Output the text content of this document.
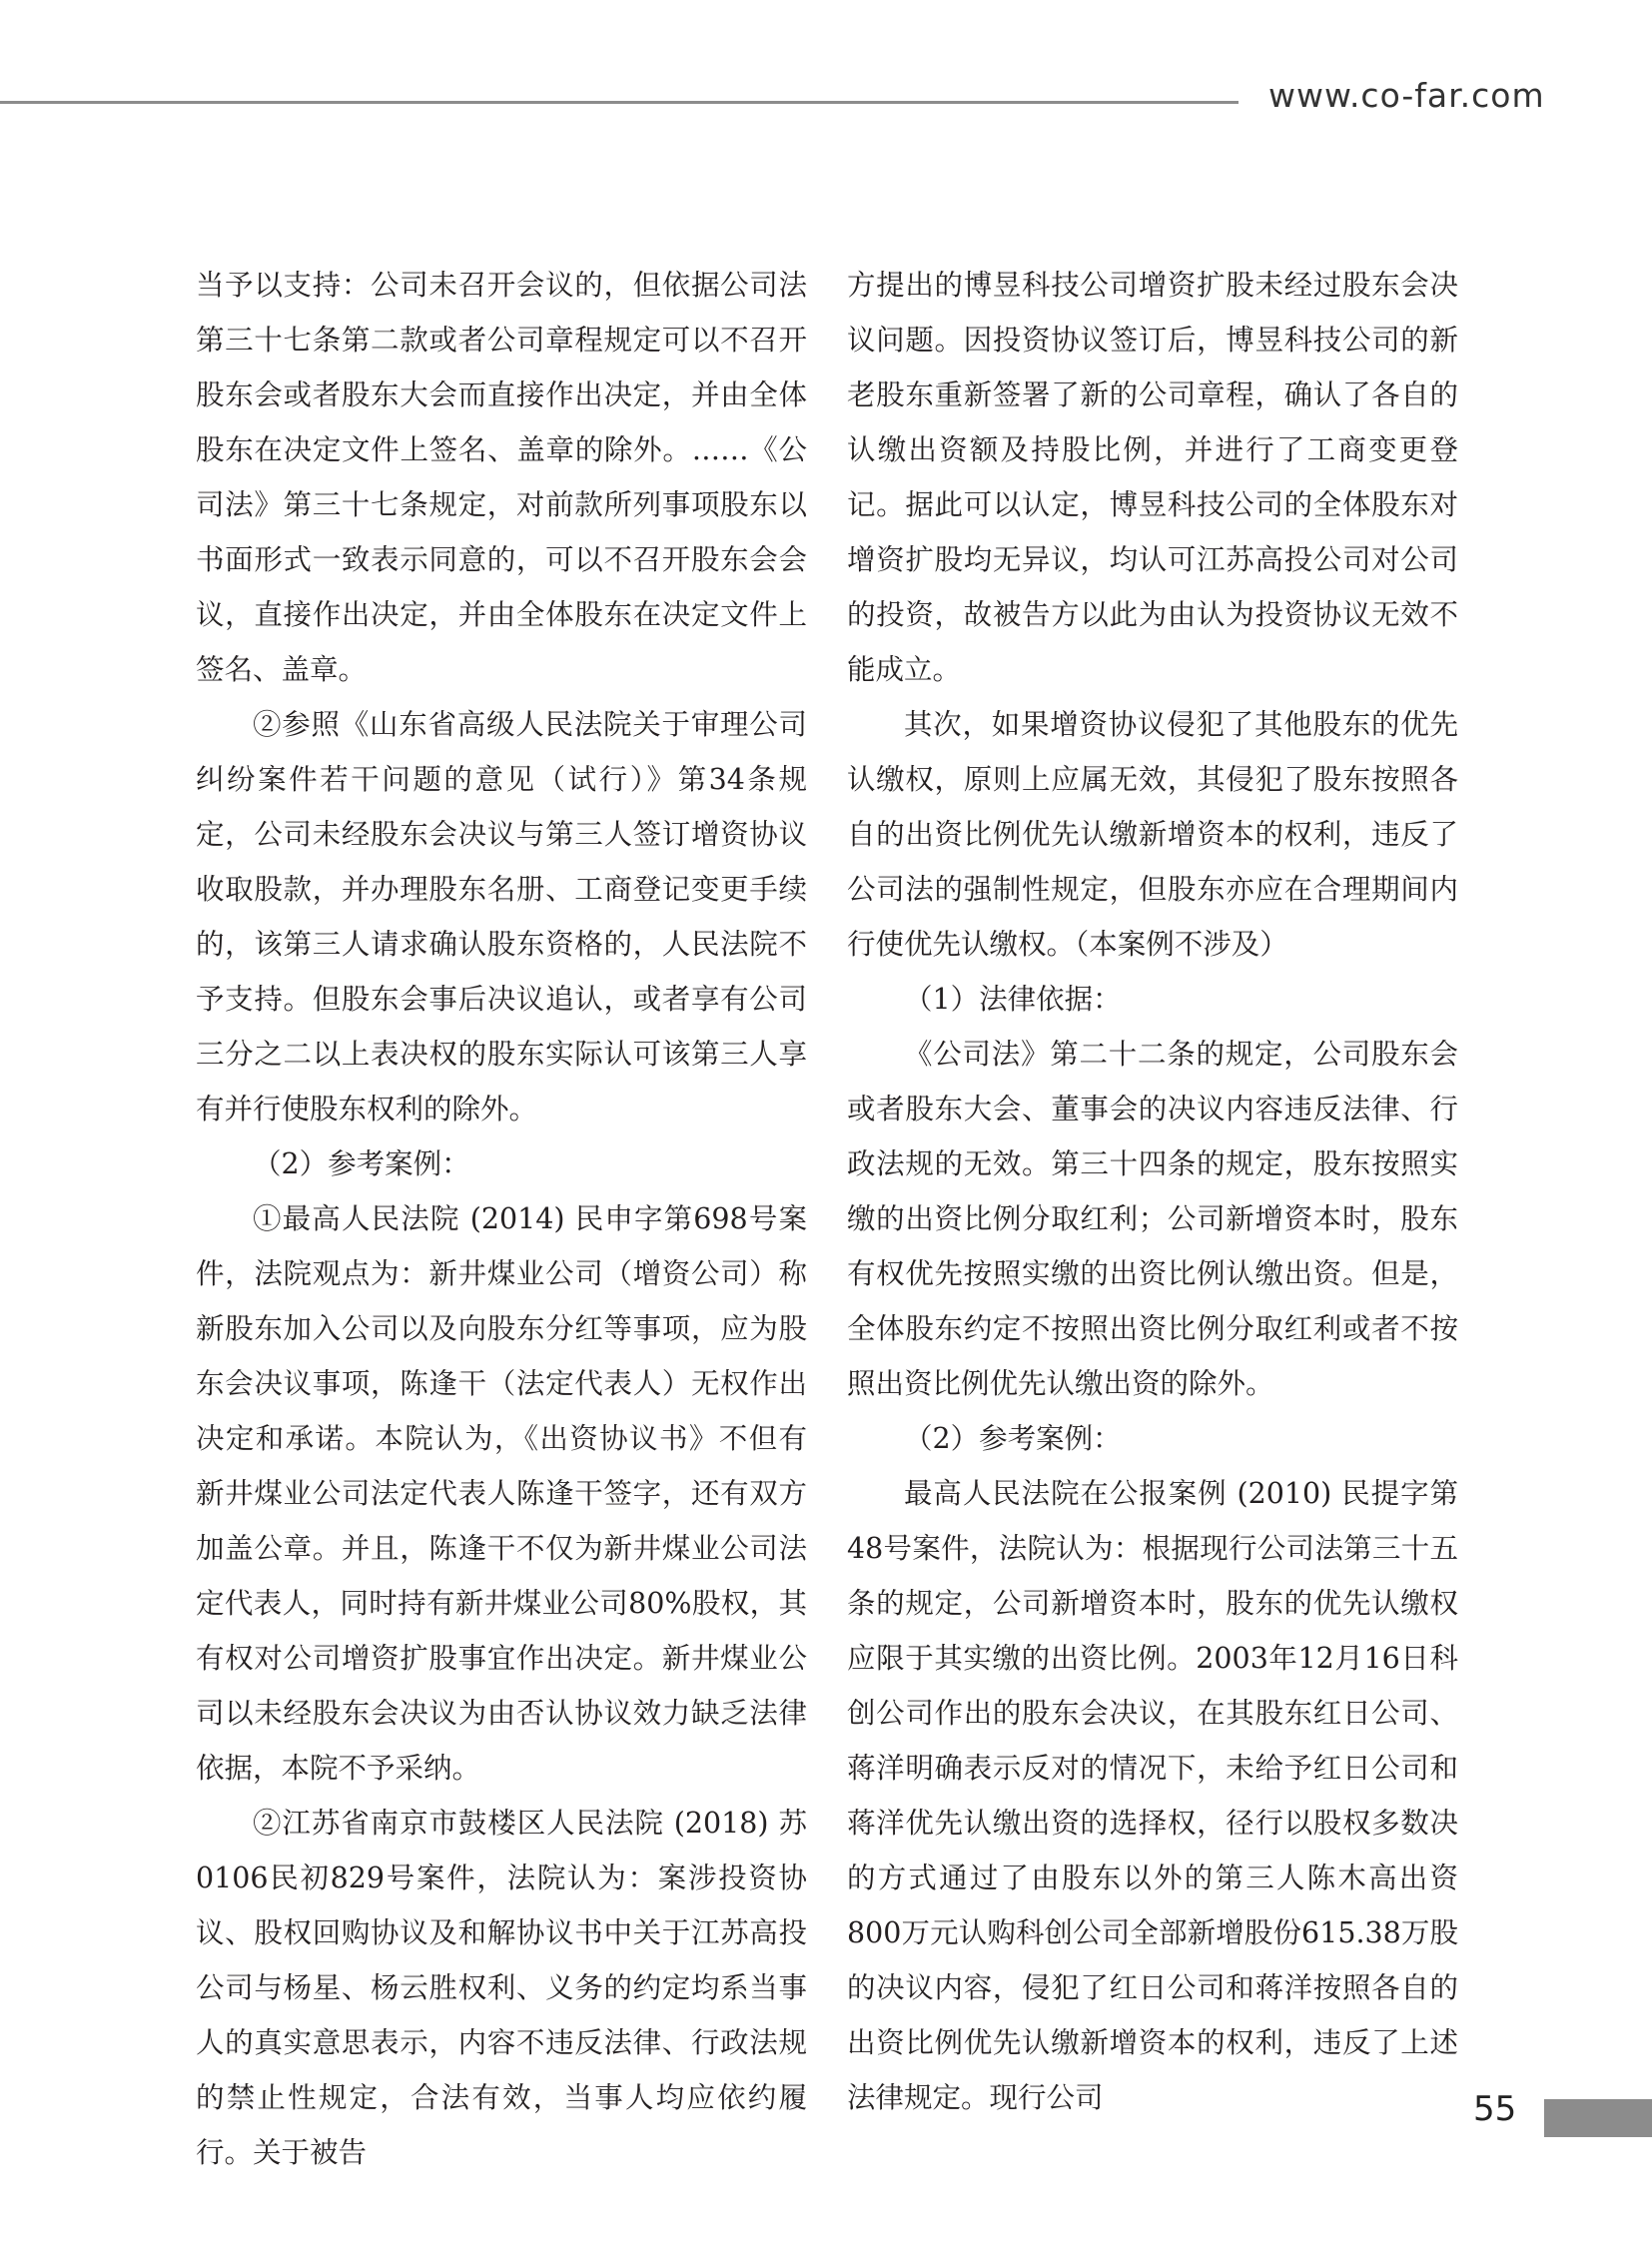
www.co-far.com

当予以支持：公司未召开会议的，但依据公司法第三十七条第二款或者公司章程规定可以不召开股东会或者股东大会而直接作出决定，并由全体股东在决定文件上签名、盖章的除外。……《公司法》第三十七条规定，对前款所列事项股东以书面形式一致表示同意的，可以不召开股东会会议，直接作出决定，并由全体股东在决定文件上签名、盖章。

②参照《山东省高级人民法院关于审理公司纠纷案件若干问题的意见（试行）》第34条规定，公司未经股东会决议与第三人签订增资协议收取股款，并办理股东名册、工商登记变更手续的，该第三人请求确认股东资格的，人民法院不予支持。但股东会事后决议追认，或者享有公司三分之二以上表决权的股东实际认可该第三人享有并行使股东权利的除外。

（2）参考案例：

①最高人民法院 (2014) 民申字第698号案件，法院观点为：新井煤业公司（增资公司）称新股东加入公司以及向股东分红等事项，应为股东会决议事项，陈逢干（法定代表人）无权作出决定和承诺。本院认为，《出资协议书》不但有新井煤业公司法定代表人陈逢干签字，还有双方加盖公章。并且，陈逢干不仅为新井煤业公司法定代表人，同时持有新井煤业公司80%股权，其有权对公司增资扩股事宜作出决定。新井煤业公司以未经股东会决议为由否认协议效力缺乏法律依据，本院不予采纳。

②江苏省南京市鼓楼区人民法院 (2018) 苏0106民初829号案件，法院认为：案涉投资协议、股权回购协议及和解协议书中关于江苏高投公司与杨星、杨云胜权利、义务的约定均系当事人的真实意思表示，内容不违反法律、行政法规的禁止性规定，合法有效，当事人均应依约履行。关于被告

方提出的博昱科技公司增资扩股未经过股东会决议问题。因投资协议签订后，博昱科技公司的新老股东重新签署了新的公司章程，确认了各自的认缴出资额及持股比例，并进行了工商变更登记。据此可以认定，博昱科技公司的全体股东对增资扩股均无异议，均认可江苏高投公司对公司的投资，故被告方以此为由认为投资协议无效不能成立。

其次，如果增资协议侵犯了其他股东的优先认缴权，原则上应属无效，其侵犯了股东按照各自的出资比例优先认缴新增资本的权利，违反了公司法的强制性规定，但股东亦应在合理期间内行使优先认缴权。（本案例不涉及）

（1）法律依据：

《公司法》第二十二条的规定，公司股东会或者股东大会、董事会的决议内容违反法律、行政法规的无效。第三十四条的规定，股东按照实缴的出资比例分取红利；公司新增资本时，股东有权优先按照实缴的出资比例认缴出资。但是，全体股东约定不按照出资比例分取红利或者不按照出资比例优先认缴出资的除外。

（2）参考案例：

最高人民法院在公报案例 (2010) 民提字第48号案件，法院认为：根据现行公司法第三十五条的规定，公司新增资本时，股东的优先认缴权应限于其实缴的出资比例。2003年12月16日科创公司作出的股东会决议，在其股东红日公司、蒋洋明确表示反对的情况下，未给予红日公司和蒋洋优先认缴出资的选择权，径行以股权多数决的方式通过了由股东以外的第三人陈木高出资800万元认购科创公司全部新增股份615.38万股的决议内容，侵犯了红日公司和蒋洋按照各自的出资比例优先认缴新增资本的权利，违反了上述法律规定。现行公司	55
